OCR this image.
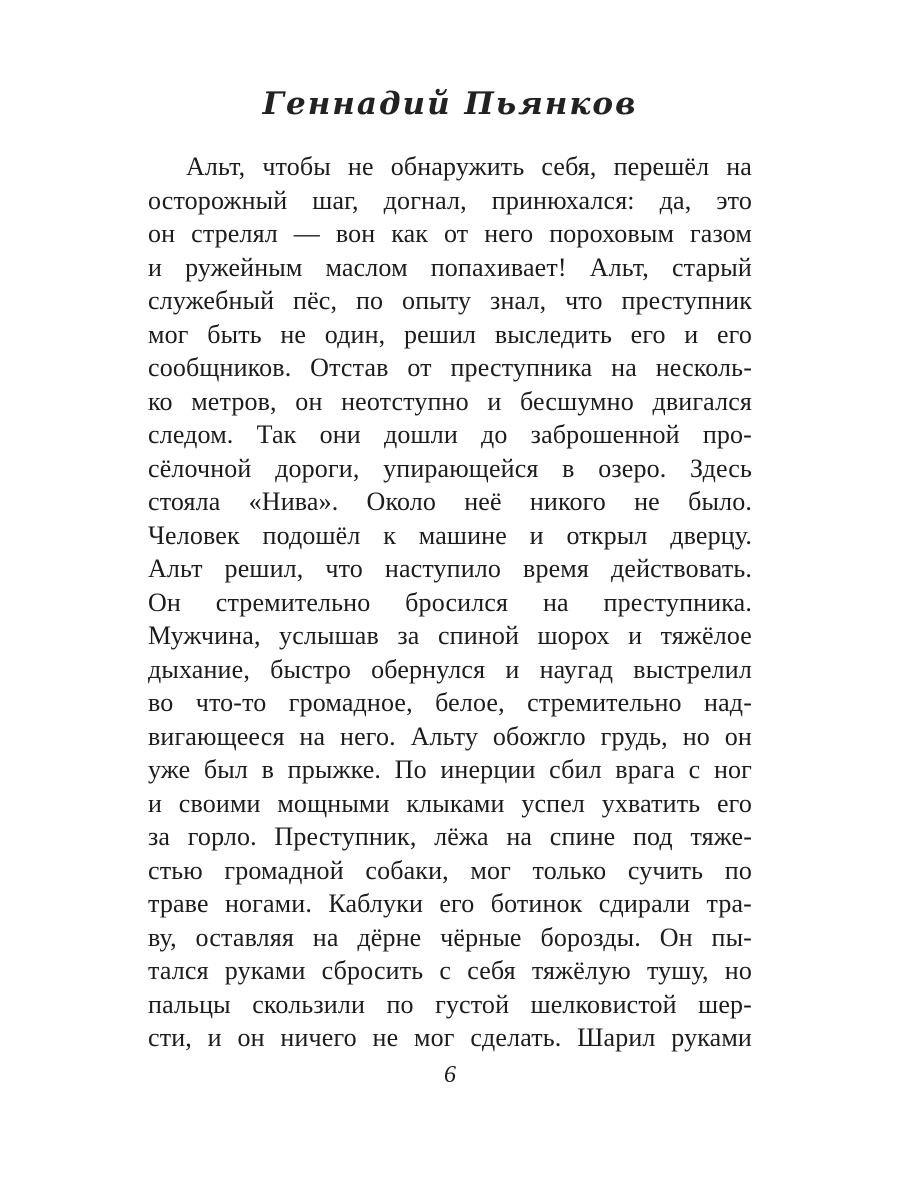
Геннадий Пьянков
Альт, чтобы не обнаружить себя, перешёл на
осторожный шаг, догнал, принюхался: да, это
он стрелял — вон как от него пороховым газом
и ружейным маслом попахивает! Альт, старый
служебный пёс, по опыту знал, что преступник
мог быть не один, решил выследить его и его
сообщников. Отстав от преступника на несколь-
ко метров, он неотступно и бесшумно двигался
следом. Так они дошли до заброшенной про-
сёлочной дороги, упирающейся в озеро. Здесь
стояла «Нива». Около неё никого не было.
Человек подошёл к машине и открыл дверцу.
Альт решил, что наступило время действовать.
Он стремительно бросился на преступника.
Мужчина, услышав за спиной шорох и тяжёлое
дыхание, быстро обернулся и наугад выстрелил
во что-то громадное, белое, стремительно над-
вигающееся на него. Альту обожгло грудь, но он
уже был в прыжке. По инерции сбил врага с ног
и своими мощными клыками успел ухватить его
за горло. Преступник, лёжа на спине под тяже-
стью громадной собаки, мог только сучить по
траве ногами. Каблуки его ботинок сдирали тра-
ву, оставляя на дёрне чёрные борозды. Он пы-
тался руками сбросить с себя тяжёлую тушу, но
пальцы скользили по густой шелковистой шер-
сти, и он ничего не мог сделать. Шарил руками
6
